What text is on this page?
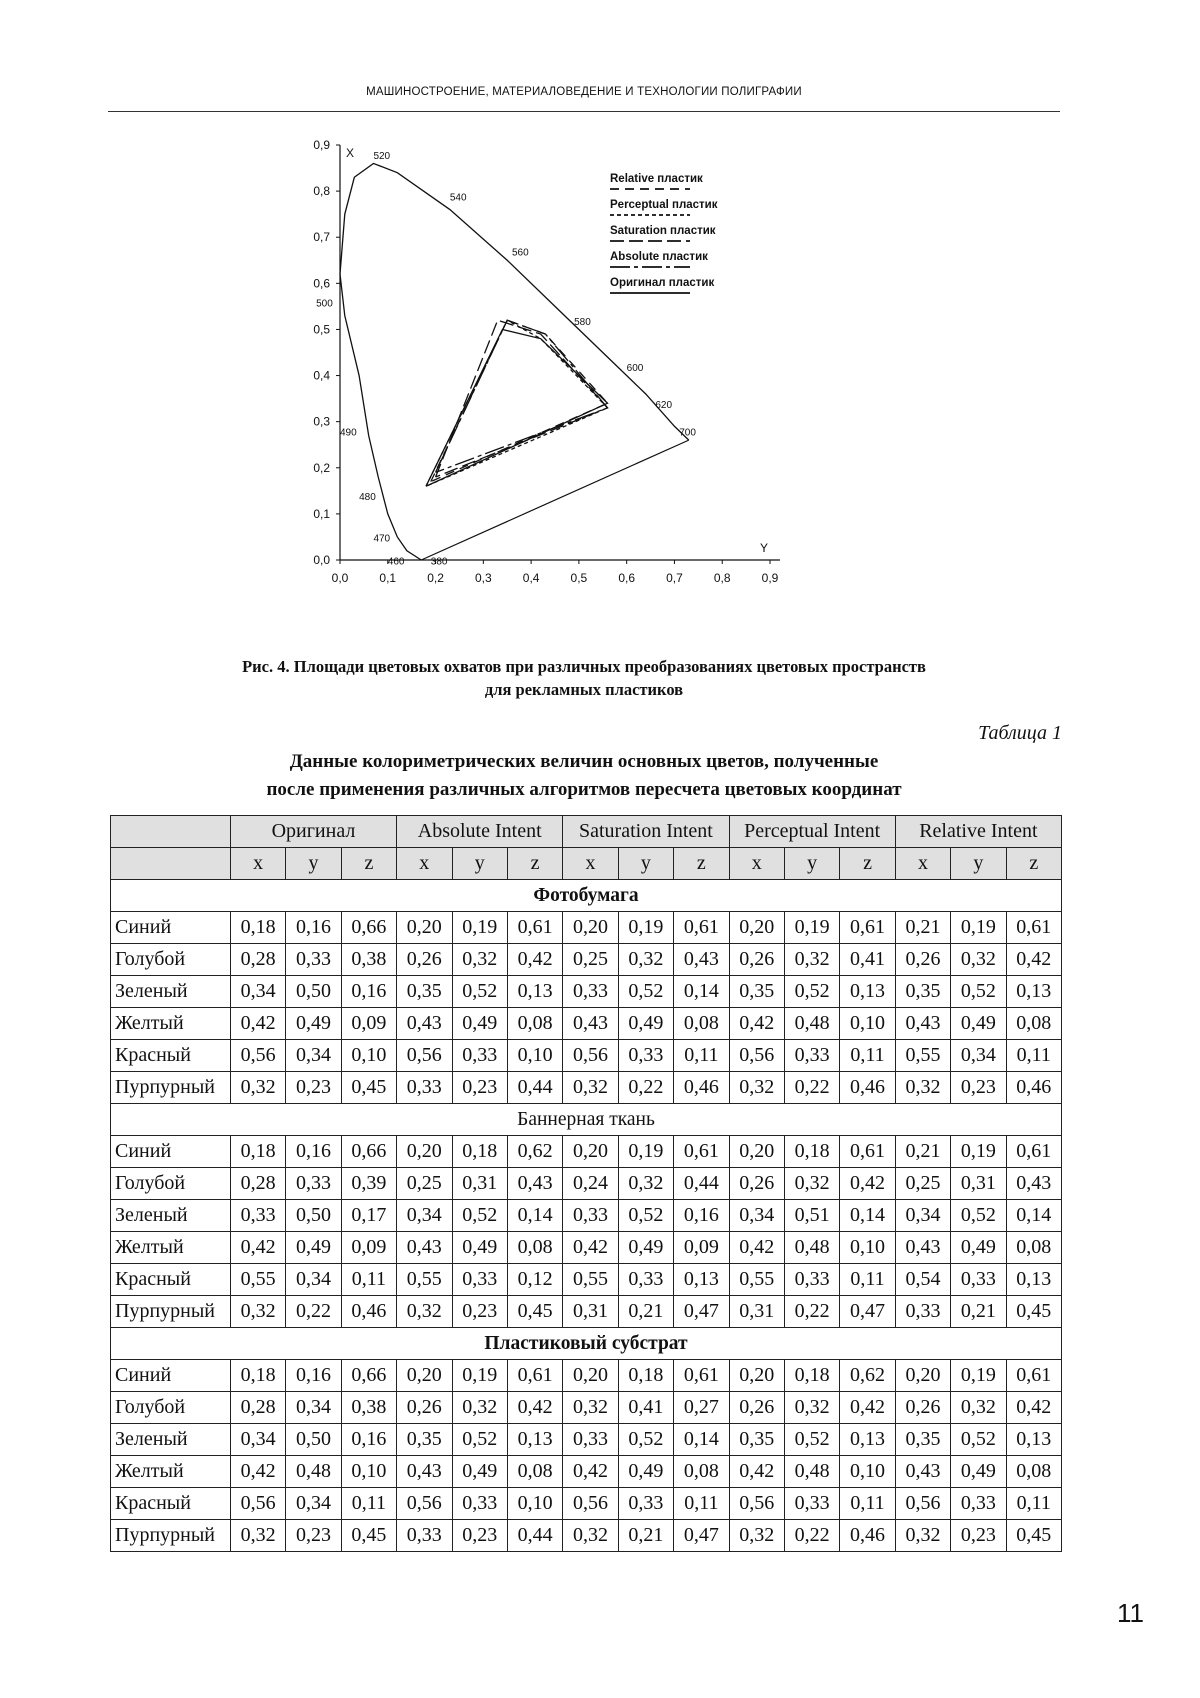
МАШИНОСТРОЕНИЕ, МАТЕРИАЛОВЕДЕНИЕ И ТЕХНОЛОГИИ ПОЛИГРАФИИ
0,0	0,1	0,2	0,3	0,4	0,5	0,6	0,7	0,8	0,9
0,0
0,1
0,2
0,3
0,4
0,5
0,6
0,7
0,8
0,9
X
Y
520
540
560
580
600
620
700
500
490
480
470
460	380
Relative пластик
Perceptual пластик
Saturation пластик
Absolute пластик
Оригинал пластик
Рис. 4. Площади цветовых охватов при различных преобразованиях цветовых пространств
для рекламных пластиков
Таблица 1
Данные колориметрических величин основных цветов, полученные
после применения различных алгоритмов пересчета цветовых координат
	Оригинал			Absolute Intent			Saturation Intent			Perceptual Intent			Relative Intent		
	x	y	z	x	y	z	x	y	z	x	y	z	x	y	z
Фотобумага															
Синий	0,18	0,16	0,66	0,20	0,19	0,61	0,20	0,19	0,61	0,20	0,19	0,61	0,21	0,19	0,61
Голубой	0,28	0,33	0,38	0,26	0,32	0,42	0,25	0,32	0,43	0,26	0,32	0,41	0,26	0,32	0,42
Зеленый	0,34	0,50	0,16	0,35	0,52	0,13	0,33	0,52	0,14	0,35	0,52	0,13	0,35	0,52	0,13
Желтый	0,42	0,49	0,09	0,43	0,49	0,08	0,43	0,49	0,08	0,42	0,48	0,10	0,43	0,49	0,08
Красный	0,56	0,34	0,10	0,56	0,33	0,10	0,56	0,33	0,11	0,56	0,33	0,11	0,55	0,34	0,11
Пурпурный	0,32	0,23	0,45	0,33	0,23	0,44	0,32	0,22	0,46	0,32	0,22	0,46	0,32	0,23	0,46
Баннерная ткань															
Синий	0,18	0,16	0,66	0,20	0,18	0,62	0,20	0,19	0,61	0,20	0,18	0,61	0,21	0,19	0,61
Голубой	0,28	0,33	0,39	0,25	0,31	0,43	0,24	0,32	0,44	0,26	0,32	0,42	0,25	0,31	0,43
Зеленый	0,33	0,50	0,17	0,34	0,52	0,14	0,33	0,52	0,16	0,34	0,51	0,14	0,34	0,52	0,14
Желтый	0,42	0,49	0,09	0,43	0,49	0,08	0,42	0,49	0,09	0,42	0,48	0,10	0,43	0,49	0,08
Красный	0,55	0,34	0,11	0,55	0,33	0,12	0,55	0,33	0,13	0,55	0,33	0,11	0,54	0,33	0,13
Пурпурный	0,32	0,22	0,46	0,32	0,23	0,45	0,31	0,21	0,47	0,31	0,22	0,47	0,33	0,21	0,45
Пластиковый субстрат															
Синий	0,18	0,16	0,66	0,20	0,19	0,61	0,20	0,18	0,61	0,20	0,18	0,62	0,20	0,19	0,61
Голубой	0,28	0,34	0,38	0,26	0,32	0,42	0,32	0,41	0,27	0,26	0,32	0,42	0,26	0,32	0,42
Зеленый	0,34	0,50	0,16	0,35	0,52	0,13	0,33	0,52	0,14	0,35	0,52	0,13	0,35	0,52	0,13
Желтый	0,42	0,48	0,10	0,43	0,49	0,08	0,42	0,49	0,08	0,42	0,48	0,10	0,43	0,49	0,08
Красный	0,56	0,34	0,11	0,56	0,33	0,10	0,56	0,33	0,11	0,56	0,33	0,11	0,56	0,33	0,11
Пурпурный	0,32	0,23	0,45	0,33	0,23	0,44	0,32	0,21	0,47	0,32	0,22	0,46	0,32	0,23	0,45
11
